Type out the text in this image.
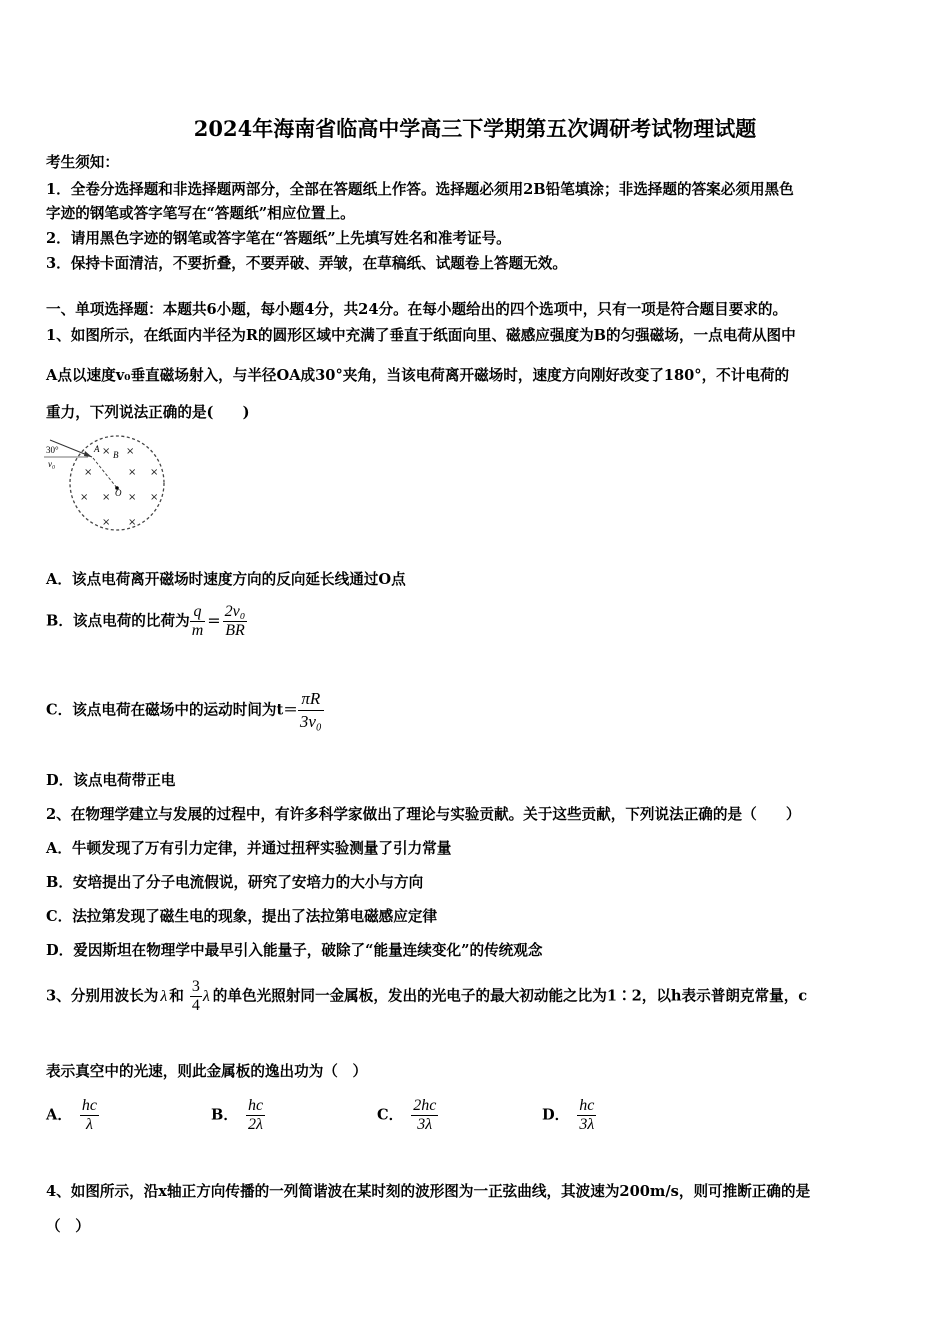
2024年海南省临高中学高三下学期第五次调研考试物理试题
考生须知：
1．全卷分选择题和非选择题两部分，全部在答题纸上作答。选择题必须用2B铅笔填涂；非选择题的答案必须用黑色
字迹的钢笔或答字笔写在“答题纸”相应位置上。
2．请用黑色字迹的钢笔或答字笔在“答题纸”上先填写姓名和准考证号。
3．保持卡面清洁，不要折叠，不要弄破、弄皱，在草稿纸、试题卷上答题无效。
一、单项选择题：本题共6小题，每小题4分，共24分。在每小题给出的四个选项中，只有一项是符合题目要求的。
1、如图所示，在纸面内半径为R的圆形区域中充满了垂直于纸面向里、磁感应强度为B的匀强磁场，一点电荷从图中
A点以速度v₀垂直磁场射入，与半径OA成30°夹角，当该电荷离开磁场时，速度方向刚好改变了180°，不计电荷的
重力，下列说法正确的是(　　)
30°
v₀
A
B
O
× ×
×	× ×
× × × ×
× ×
A．该点电荷离开磁场时速度方向的反向延长线通过O点
B．该点电荷的比荷为 $\frac{q}{m} = \frac{\text{2v₀}}{BR}$
C．该点电荷在磁场中的运动时间为$t= \frac{\pi R}{\text{3v₀}}$
D．该点电荷带正电
2、在物理学建立与发展的过程中，有许多科学家做出了理论与实验贡献。关于这些贡献，下列说法正确的是（　　）
A．牛顿发现了万有引力定律，并通过扭秤实验测量了引力常量
B．安培提出了分子电流假说，研究了安培力的大小与方向
C．法拉第发现了磁生电的现象，提出了法拉第电磁感应定律
D．爱因斯坦在物理学中最早引入能量子，破除了“能量连续变化”的传统观念
3、分别用波长为 λ 和 $\frac{3}{4}$ λ 的单色光照射同一金属板，发出的光电子的最大初动能之比为1∶2，以h表示普朗克常量，c
表示真空中的光速，则此金属板的逸出功为（　）
A． $\frac{hc}{\lambda}$	B． $\frac{hc}{2\lambda}$	C． $\frac{2hc}{3\lambda}$	D． $\frac{hc}{3\lambda}$
4、如图所示，沿x轴正方向传播的一列简谐波在某时刻的波形图为一正弦曲线，其波速为200m/s，则可推断正确的是
（　）
